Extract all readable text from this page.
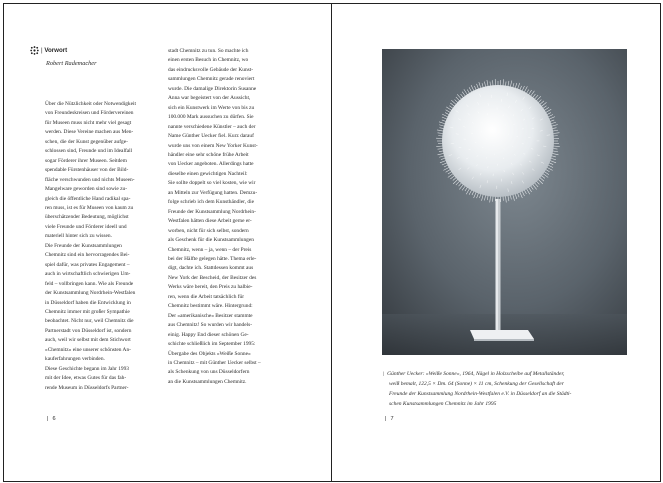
| Vorwort
Robert Rademacher
Über die Nützlichkeit oder Notwendigkeit
von Freundeskreisen und Fördervereinen
für Museen muss nicht mehr viel gesagt
werden. Diese Vereine machen aus Men-
schen, die der Kunst gegenüber aufge-
schlossen sind, Freunde und im Idealfall
sogar Förderer ihrer Museen. Seitdem
spendable Fürstenhäuser von der Bild-
fläche verschwunden und nichts Museen-
Mangelware geworden sind sowie zu-
gleich die öffentliche Hand radikal spa-
ren muss, ist es für Museen von kaum zu
überschätzender Bedeutung, möglichst
viele Freunde und Förderer ideell und
materiell hinter sich zu wissen.
Die Freunde der Kunstsammlungen
Chemnitz sind ein hervorragendes Bei-
spiel dafür, was privates Engagement –
auch in wirtschaftlich schwierigen Um-
feld – vollbringen kann. Wie als Freunde
der Kunstsammlung Nordrhein-Westfalen
in Düsseldorf haben die Entwicklung in
Chemnitz immer mit großer Sympathie
beobachtet. Nicht nur, weil Chemnitz die
Partnerstadt von Düsseldorf ist, sondern
auch, weil wir selbst mit dem Stichwort
»Chemnitz« eine unserer schönsten An-
kauferfahrungen verbinden.
Diese Geschichte begann im Jahr 1993
mit der Idee, etwas Gutes für das fah-
rende Museum in Düsseldorfs Partner-
stadt Chemnitz zu tun. So machte ich
einen ersten Besuch in Chemnitz, wo
das eindrucksvolle Gebäude der Kunst-
sammlungen Chemnitz gerade renoviert
wurde. Die damalige Direktorin Susanne
Anna war begeistert von der Aussicht,
sich ein Kunstwerk im Werte von bis zu
100.000 Mark aussuchen zu dürfen. Sie
nannte verschiedene Künstler – auch der
Name Günther Uecker fiel. Kurz darauf
wurde uns von einem New Yorker Kunst-
händler eine sehr schöne frühe Arbeit
von Uecker angeboten. Allerdings hatte
dieselbe einen gewichtigen Nachteil:
Sie sollte doppelt so viel kosten, wie wir
an Mitteln zur Verfügung hatten. Demzu-
folge schrieb ich dem Kunsthändler, die
Freunde der Kunstsammlung Nordrhein-
Westfalen hätten diese Arbeit gerne er-
worben, nicht für sich selbst, sondern
als Geschenk für die Kunstsammlungen
Chemnitz, wenn – ja, wenn – der Preis
bei der Hälfte gelegen hätte. Thema erle-
digt, dachte ich. Stattdessen kommt aus
New York der Bescheid, der Besitzer des
Werks wäre bereit, den Preis zu halbie-
ren, wenn die Arbeit tatsächlich für
Chemnitz bestimmt wäre. Hintergrund:
Der »amerikanische« Besitzer stammte
aus Chemnitz! So wurden wir handels-
einig. Happy End dieser schönen Ge-
schichte schließlich im September 1995:
Übergabe des Objekts »Weiße Sonne«
in Chemnitz – mit Günther Uecker selbst –
als Schenkung von uns Düsseldorfern
an die Kunstsammlungen Chemnitz.
| 6
| Günther Uecker: »Weiße Sonne«, 1964, Nägel in Holzscheibe auf Metallständer,
weiß bemalt, 122,5 × Dm. 64 (Sonne) × 11 cm, Schenkung der Gesellschaft der
Freunde der Kunstsammlung Nordrhein-Westfalen e.V. in Düsseldorf an die Städti-
schen Kunstsammlungen Chemnitz im Jahr 1995
| 7
